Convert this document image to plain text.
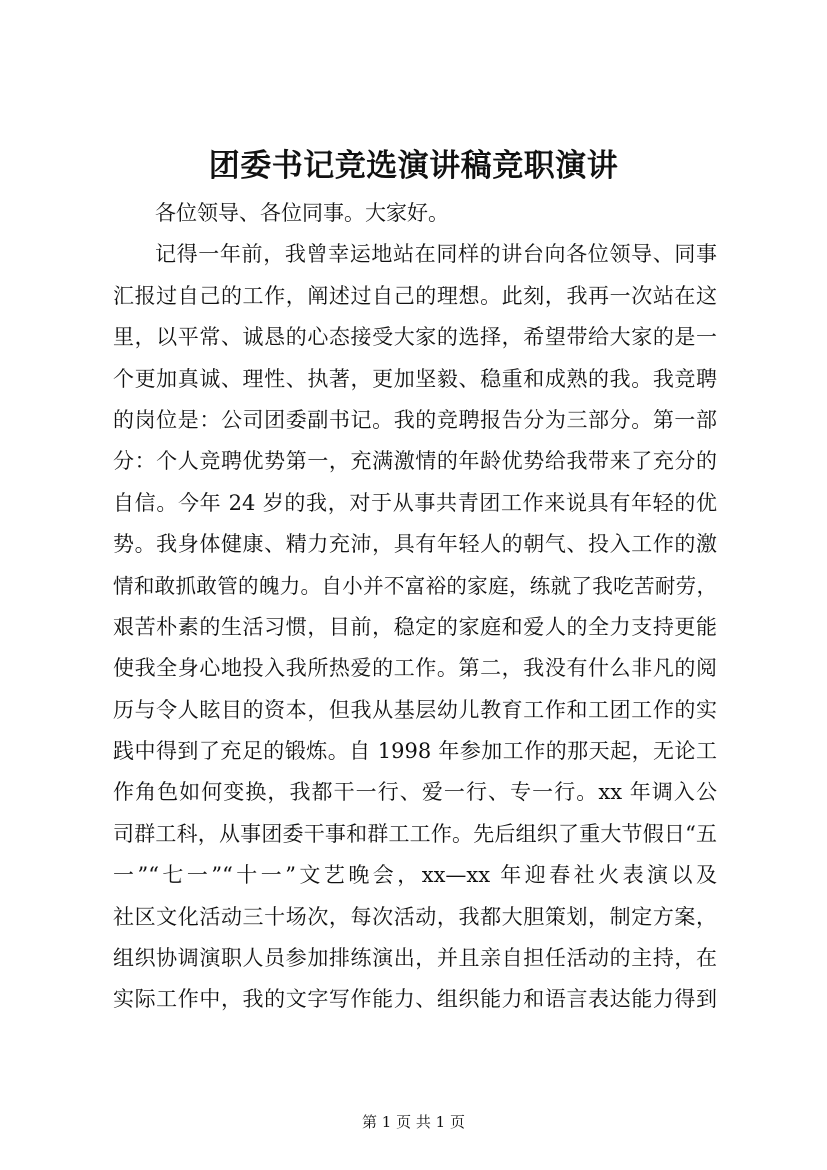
团委书记竞选演讲稿竞职演讲
各位领导、各位同事。大家好。
记得一年前，我曾幸运地站在同样的讲台向各位领导、同事
汇报过自己的工作，阐述过自己的理想。此刻，我再一次站在这
里，以平常、诚恳的心态接受大家的选择，希望带给大家的是一
个更加真诚、理性、执著，更加坚毅、稳重和成熟的我。我竞聘
的岗位是：公司团委副书记。我的竞聘报告分为三部分。第一部
分：个人竞聘优势第一，充满激情的年龄优势给我带来了充分的
自信。今年 24 岁的我，对于从事共青团工作来说具有年轻的优
势。我身体健康、精力充沛，具有年轻人的朝气、投入工作的激
情和敢抓敢管的魄力。自小并不富裕的家庭，练就了我吃苦耐劳，
艰苦朴素的生活习惯，目前，稳定的家庭和爱人的全力支持更能
使我全身心地投入我所热爱的工作。第二，我没有什么非凡的阅
历与令人眩目的资本，但我从基层幼儿教育工作和工团工作的实
践中得到了充足的锻炼。自 1998 年参加工作的那天起，无论工
作角色如何变换，我都干一行、爱一行、专一行。xx 年调入公
司群工科，从事团委干事和群工工作。先后组织了重大节假日“五
一”“七一”“十一”文艺晚会，xx—xx 年迎春社火表演以及
社区文化活动三十场次，每次活动，我都大胆策划，制定方案，
组织协调演职人员参加排练演出，并且亲自担任活动的主持，在
实际工作中，我的文字写作能力、组织能力和语言表达能力得到
第 1 页 共 1 页
